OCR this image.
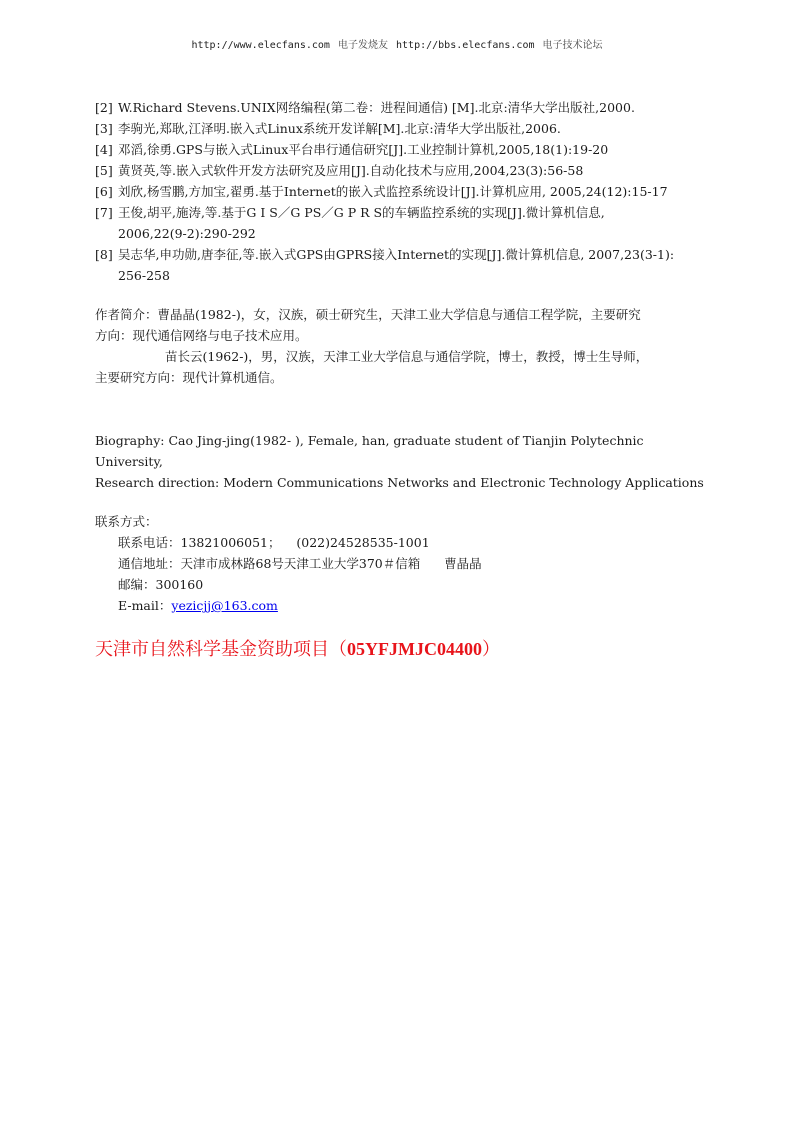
http://www.elecfans.com 电子发烧友 http://bbs.elecfans.com 电子技术论坛
[2] W.Richard Stevens.UNIX网络编程(第二卷：进程间通信) [M].北京:清华大学出版社,2000.
[3] 李驹光,郑耿,江泽明.嵌入式Linux系统开发详解[M].北京:清华大学出版社,2006.
[4] 邓滔,徐勇.GPS与嵌入式Linux平台串行通信研究[J].工业控制计算机,2005,18(1):19-20
[5] 黄贤英,等.嵌入式软件开发方法研究及应用[J].自动化技术与应用,2004,23(3):56-58
[6] 刘欣,杨雪鹏,方加宝,翟勇.基于Internet的嵌入式监控系统设计[J].计算机应用, 2005,24(12):15-17
[7] 王俊,胡平,施涛,等.基于G I S／G PS／G P R S的车辆监控系统的实现[J].微计算机信息,
2006,22(9-2):290-292
[8] 吴志华,申功勋,唐李征,等.嵌入式GPS由GPRS接入Internet的实现[J].微计算机信息, 2007,23(3-1):
256-258
作者简介：曹晶晶(1982-)，女，汉族，硕士研究生，天津工业大学信息与通信工程学院，主要研究
方向：现代通信网络与电子技术应用。
苗长云(1962-)，男，汉族，天津工业大学信息与通信学院，博士，教授，博士生导师，
主要研究方向：现代计算机通信。
Biography: Cao Jing-jing(1982- ), Female, han, graduate student of Tianjin Polytechnic University,
Research direction: Modern Communications Networks and Electronic Technology Applications
联系方式：
联系电话：13821006051；    (022)24528535-1001
通信地址：天津市成林路68号天津工业大学370＃信箱      曹晶晶
邮编：300160
E-mail：yezicjj@163.com
天津市自然科学基金资助项目（05YFJMJC04400）
